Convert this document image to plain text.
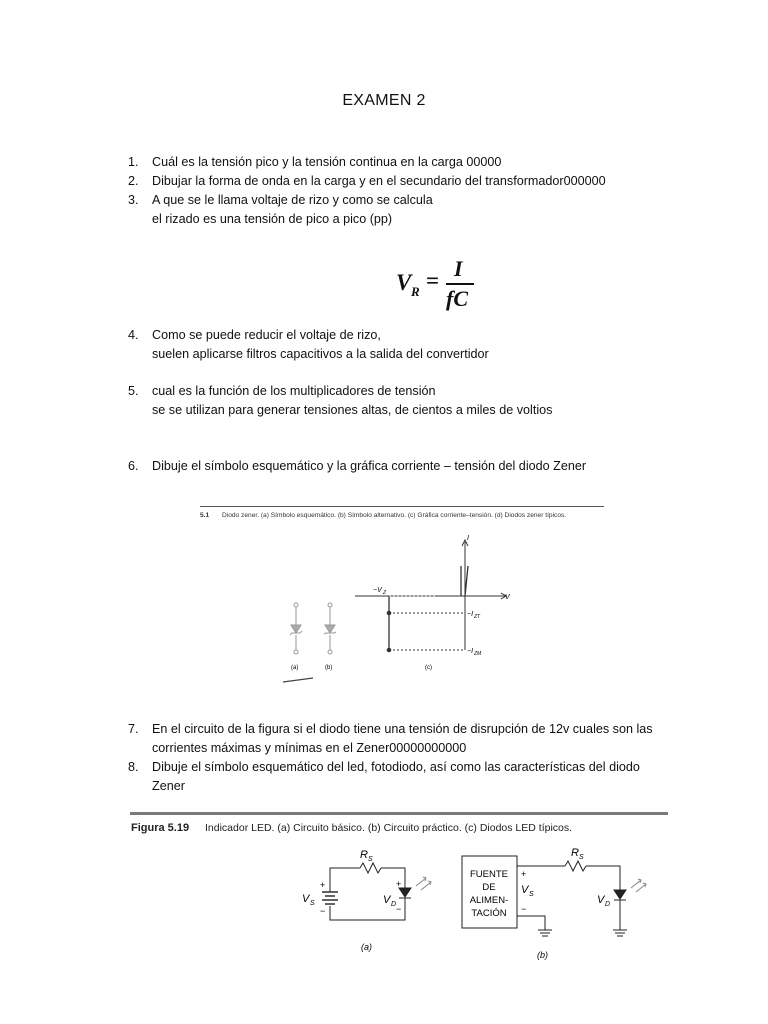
EXAMEN 2
1.	Cuál es la tensión pico y la tensión continua en la carga 00000
2.	Dibujar la forma de onda en la carga y en el secundario del transformador000000
3.	A que se le llama voltaje de rizo y como se calcula
el rizado es una tensión de pico a pico (pp)
V R = I
fC
4.	Como se puede reducir el voltaje de rizo,
suelen aplicarse filtros capacitivos a la salida del convertidor
5.	cual es la función de los multiplicadores de tensión
se se utilizan para generar tensiones altas, de cientos a miles de voltios
6.	Dibuje el símbolo esquemático y la gráfica corriente – tensión del diodo Zener
5.1 Diodo zener. (a) Símbolo esquemático. (b) Símbolo alternativo. (c) Gráfica corriente–tensión. (d) Diodos zener típicos.
I
V
−V Z
−I ZT
−I ZM
(a)	(b)	(c)
7.	En el circuito de la figura si el diodo tiene una tensión de disrupción de 12v cuales son las
corrientes máximas y mínimas en el Zener00000000000
8.	Dibuje el símbolo esquemático del led, fotodiodo, así como las características del diodo
Zener
Figura 5.19 Indicador LED. (a) Circuito básico. (b) Circuito práctico. (c) Diodos LED típicos.
R S
V S
+
−
V D
+
−
(a)
FUENTE
DE
ALIMEN-
TACIÓN
R S
+
V S
−
V D
(b)
